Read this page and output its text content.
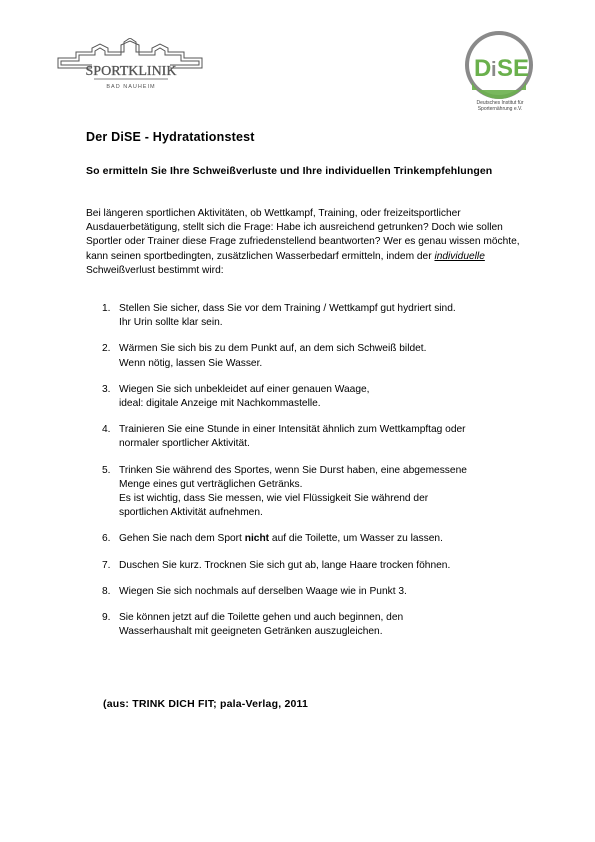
SPORTKLINIK
BAD NAUHEIM
D i SE
Deutsches Institut für
Sporternährung e.V.
Der DiSE - Hydratationstest
So ermitteln Sie Ihre Schweißverluste und Ihre individuellen Trinkempfehlungen
Bei längeren sportlichen Aktivitäten, ob Wettkampf, Training, oder freizeitsportlicher Ausdauerbetätigung, stellt sich die Frage: Habe ich ausreichend getrunken? Doch wie sollen Sportler oder Trainer diese Frage zufriedenstellend beantworten? Wer es genau wissen möchte, kann seinen sportbedingten, zusätzlichen Wasserbedarf ermitteln, indem der individuelle Schweißverlust bestimmt wird:
1. Stellen Sie sicher, dass Sie vor dem Training / Wettkampf gut hydriert sind.
Ihr Urin sollte klar sein.
2. Wärmen Sie sich bis zu dem Punkt auf, an dem sich Schweiß bildet.
Wenn nötig, lassen Sie Wasser.
3. Wiegen Sie sich unbekleidet auf einer genauen Waage,
ideal: digitale Anzeige mit Nachkommastelle.
4. Trainieren Sie eine Stunde in einer Intensität ähnlich zum Wettkampftag oder
normaler sportlicher Aktivität.
5. Trinken Sie während des Sportes, wenn Sie Durst haben, eine abgemessene
Menge eines gut verträglichen Getränks.
Es ist wichtig, dass Sie messen, wie viel Flüssigkeit Sie während der
sportlichen Aktivität aufnehmen.
6. Gehen Sie nach dem Sport nicht auf die Toilette, um Wasser zu lassen.
7. Duschen Sie kurz. Trocknen Sie sich gut ab, lange Haare trocken föhnen.
8. Wiegen Sie sich nochmals auf derselben Waage wie in Punkt 3.
9. Sie können jetzt auf die Toilette gehen und auch beginnen, den
Wasserhaushalt mit geeigneten Getränken auszugleichen.
(aus: TRINK DICH FIT; pala-Verlag, 2011
